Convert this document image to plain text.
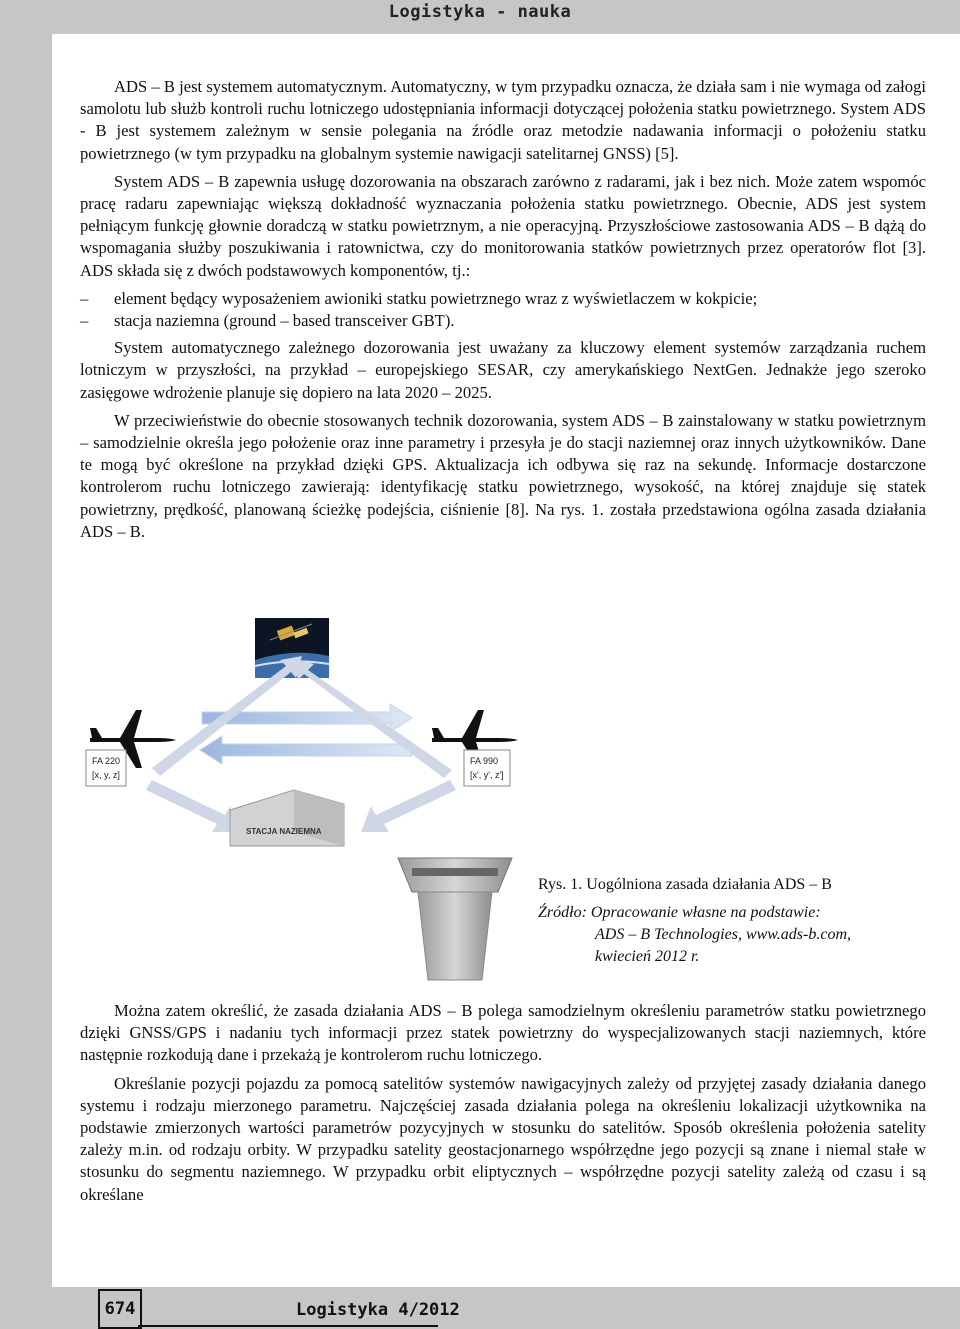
Logistyka - nauka

ADS – B jest systemem automatycznym. Automatyczny, w tym przypadku oznacza, że działa sam i nie wymaga od załogi samolotu lub służb kontroli ruchu lotniczego udostępniania informacji dotyczącej położenia statku powietrznego. System ADS - B jest systemem zależnym w sensie polegania na źródle oraz metodzie nadawania informacji o położeniu statku powietrznego (w tym przypadku na globalnym systemie nawigacji satelitarnej GNSS) [5].

System ADS – B zapewnia usługę dozorowania na obszarach zarówno z radarami, jak i bez nich. Może zatem wspomóc pracę radaru zapewniając większą dokładność wyznaczania położenia statku powietrznego. Obecnie, ADS jest system pełniącym funkcję głownie doradczą w statku powietrznym, a nie operacyjną. Przyszłościowe zastosowania ADS – B dążą do wspomagania służby poszukiwania i ratownictwa, czy do monitorowania statków powietrznych przez operatorów flot [3]. ADS składa się z dwóch podstawowych komponentów, tj.:

– element będący wyposażeniem awioniki statku powietrznego wraz z wyświetlaczem w kokpicie;
– stacja naziemna (ground – based transceiver GBT).

System automatycznego zależnego dozorowania jest uważany za kluczowy element systemów zarządzania ruchem lotniczym w przyszłości, na przykład – europejskiego SESAR, czy amerykańskiego NextGen. Jednakże jego szeroko zasięgowe wdrożenie planuje się dopiero na lata 2020 – 2025.

W przeciwieństwie do obecnie stosowanych technik dozorowania, system ADS – B zainstalowany w statku powietrznym – samodzielnie określa jego położenie oraz inne parametry i przesyła je do stacji naziemnej oraz innych użytkowników. Dane te mogą być określone na przykład dzięki GPS. Aktualizacja ich odbywa się raz na sekundę. Informacje dostarczone kontrolerom ruchu lotniczego zawierają: identyfikację statku powietrznego, wysokość, na której znajduje się statek powietrzny, prędkość, planowaną ścieżkę podejścia, ciśnienie [8]. Na rys. 1. została przedstawiona ogólna zasada działania ADS – B.

FA 220
[x, y, z]
FA 990
[x', y', z']
STACJA NAZIEMNA
Rys. 1. Uogólniona zasada działania ADS – B
Źródło: Opracowanie własne na podstawie:
ADS – B Technologies, www.ads-b.com,
kwiecień 2012 r.

Można zatem określić, że zasada działania ADS – B polega samodzielnym określeniu parametrów statku powietrznego dzięki GNSS/GPS i nadaniu tych informacji przez statek powietrzny do wyspecjalizowanych stacji naziemnych, które następnie rozkodują dane i przekażą je kontrolerom ruchu lotniczego.

Określanie pozycji pojazdu za pomocą satelitów systemów nawigacyjnych zależy od przyjętej zasady działania danego systemu i rodzaju mierzonego parametru. Najczęściej zasada działania polega na określeniu lokalizacji użytkownika na podstawie zmierzonych wartości parametrów pozycyjnych w stosunku do satelitów. Sposób określenia położenia satelity zależy m.in. od rodzaju orbity. W przypadku satelity geostacjonarnego współrzędne jego pozycji są znane i niemal stałe w stosunku do segmentu naziemnego. W przypadku orbit eliptycznych – współrzędne pozycji satelity zależą od czasu i są określane

674	Logistyka 4/2012
